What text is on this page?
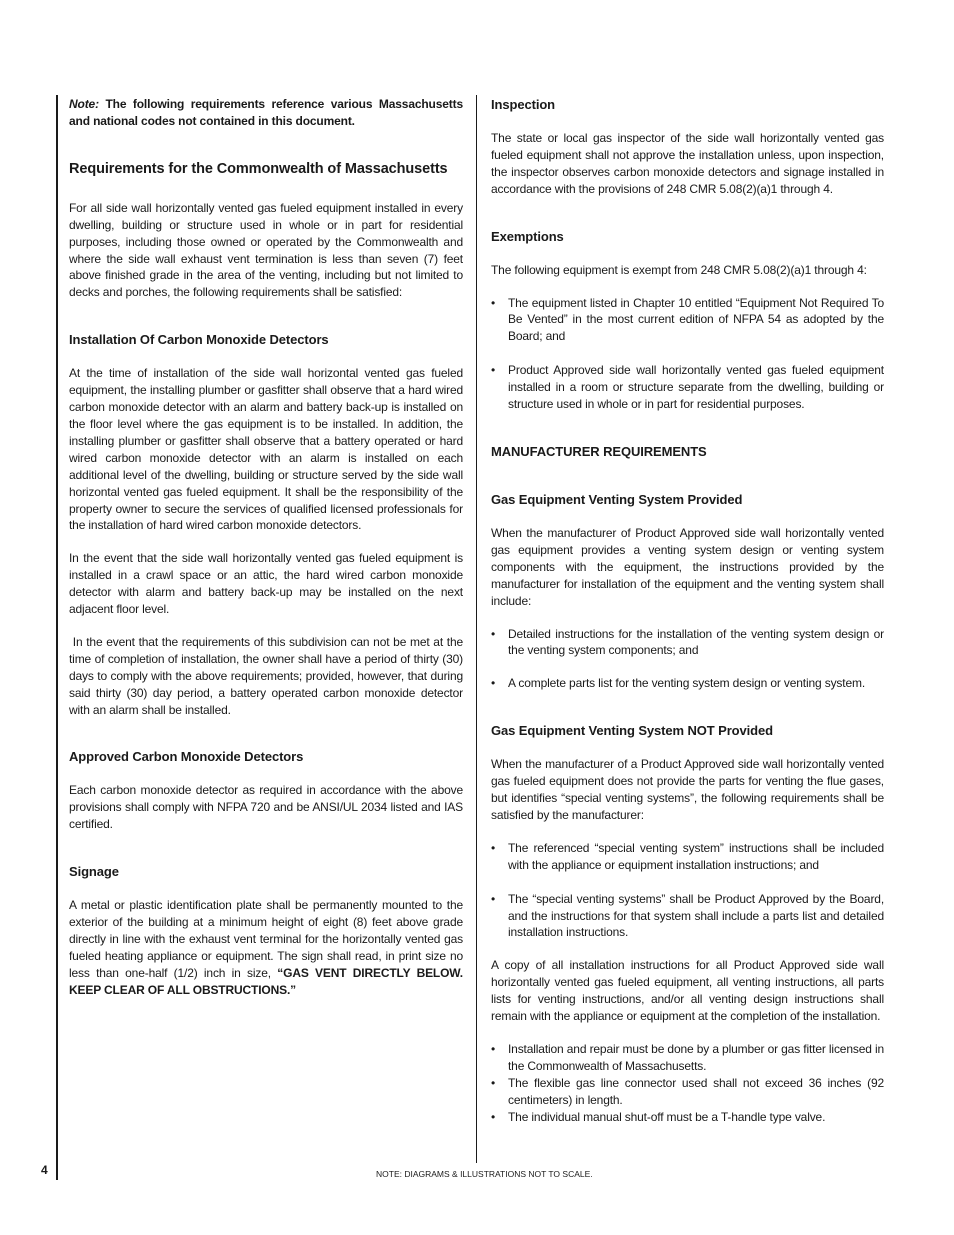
Note: The following requirements reference various Massachusetts and national codes not contained in this document.

Requirements for the Commonwealth of Massachusetts

For all side wall horizontally vented gas fueled equipment installed in every dwelling, building or structure used in whole or in part for residential purposes, including those owned or operated by the Commonwealth and where the side wall exhaust vent termination is less than seven (7) feet above finished grade in the area of the venting, including but not limited to decks and porches, the following requirements shall be satisfied:

Installation Of Carbon Monoxide Detectors

At the time of installation of the side wall horizontal vented gas fueled equipment, the installing plumber or gasfitter shall observe that a hard wired carbon monoxide detector with an alarm and battery back-up is installed on the floor level where the gas equipment is to be installed. In addition, the installing plumber or gasfitter shall observe that a battery operated or hard wired carbon monoxide detector with an alarm is installed on each additional level of the dwelling, building or structure served by the side wall horizontal vented gas fueled equipment. It shall be the responsibility of the property owner to secure the services of qualified licensed professionals for the installation of hard wired carbon monoxide detectors.

In the event that the side wall horizontally vented gas fueled equipment is installed in a crawl space or an attic, the hard wired carbon monoxide detector with alarm and battery back-up may be installed on the next adjacent floor level.

In the event that the requirements of this subdivision can not be met at the time of completion of installation, the owner shall have a period of thirty (30) days to comply with the above requirements; provided, however, that during said thirty (30) day period, a battery operated carbon monoxide detector with an alarm shall be installed.

Approved Carbon Monoxide Detectors

Each carbon monoxide detector as required in accordance with the above provisions shall comply with NFPA 720 and be ANSI/UL 2034 listed and IAS certified.

Signage

A metal or plastic identification plate shall be permanently mounted to the exterior of the building at a minimum height of eight (8) feet above grade directly in line with the exhaust vent terminal for the horizontally vented gas fueled heating appliance or equipment. The sign shall read, in print size no less than one-half (1/2) inch in size, “GAS VENT DIRECTLY BELOW. KEEP CLEAR OF ALL OBSTRUCTIONS.”

Inspection

The state or local gas inspector of the side wall horizontally vented gas fueled equipment shall not approve the installation unless, upon inspection, the inspector observes carbon monoxide detectors and signage installed in accordance with the provisions of 248 CMR 5.08(2)(a)1 through 4.

Exemptions

The following equipment is exempt from 248 CMR 5.08(2)(a)1 through 4:

• The equipment listed in Chapter 10 entitled “Equipment Not Required To Be Vented” in the most current edition of NFPA 54 as adopted by the Board; and
• Product Approved side wall horizontally vented gas fueled equipment installed in a room or structure separate from the dwelling, building or structure used in whole or in part for residential purposes.
MANUFACTURER REQUIREMENTS
Gas Equipment Venting System Provided

When the manufacturer of Product Approved side wall horizontally vented gas equipment provides a venting system design or venting system components with the equipment, the instructions provided by the manufacturer for installation of the equipment and the venting system shall include:

• Detailed instructions for the installation of the venting system design or the venting system components; and
• A complete parts list for the venting system design or venting system.
Gas Equipment Venting System NOT Provided

When the manufacturer of a Product Approved side wall horizontally vented gas fueled equipment does not provide the parts for venting the flue gases, but identifies “special venting systems”, the following requirements shall be satisfied by the manufacturer:

• The referenced “special venting system” instructions shall be included with the appliance or equipment installation instructions; and
• The “special venting systems” shall be Product Approved by the Board, and the instructions for that system shall include a parts list and detailed installation instructions.

A copy of all installation instructions for all Product Approved side wall horizontally vented gas fueled equipment, all venting instructions, all parts lists for venting instructions, and/or all venting design instructions shall remain with the appliance or equipment at the completion of the installation.

• Installation and repair must be done by a plumber or gas fitter licensed in the Commonwealth of Massachusetts.
• The flexible gas line connector used shall not exceed 36 inches (92 centimeters) in length.
• The individual manual shut-off must be a T-handle type valve.
4	NOTE: DIAGRAMS & ILLUSTRATIONS NOT TO SCALE.
